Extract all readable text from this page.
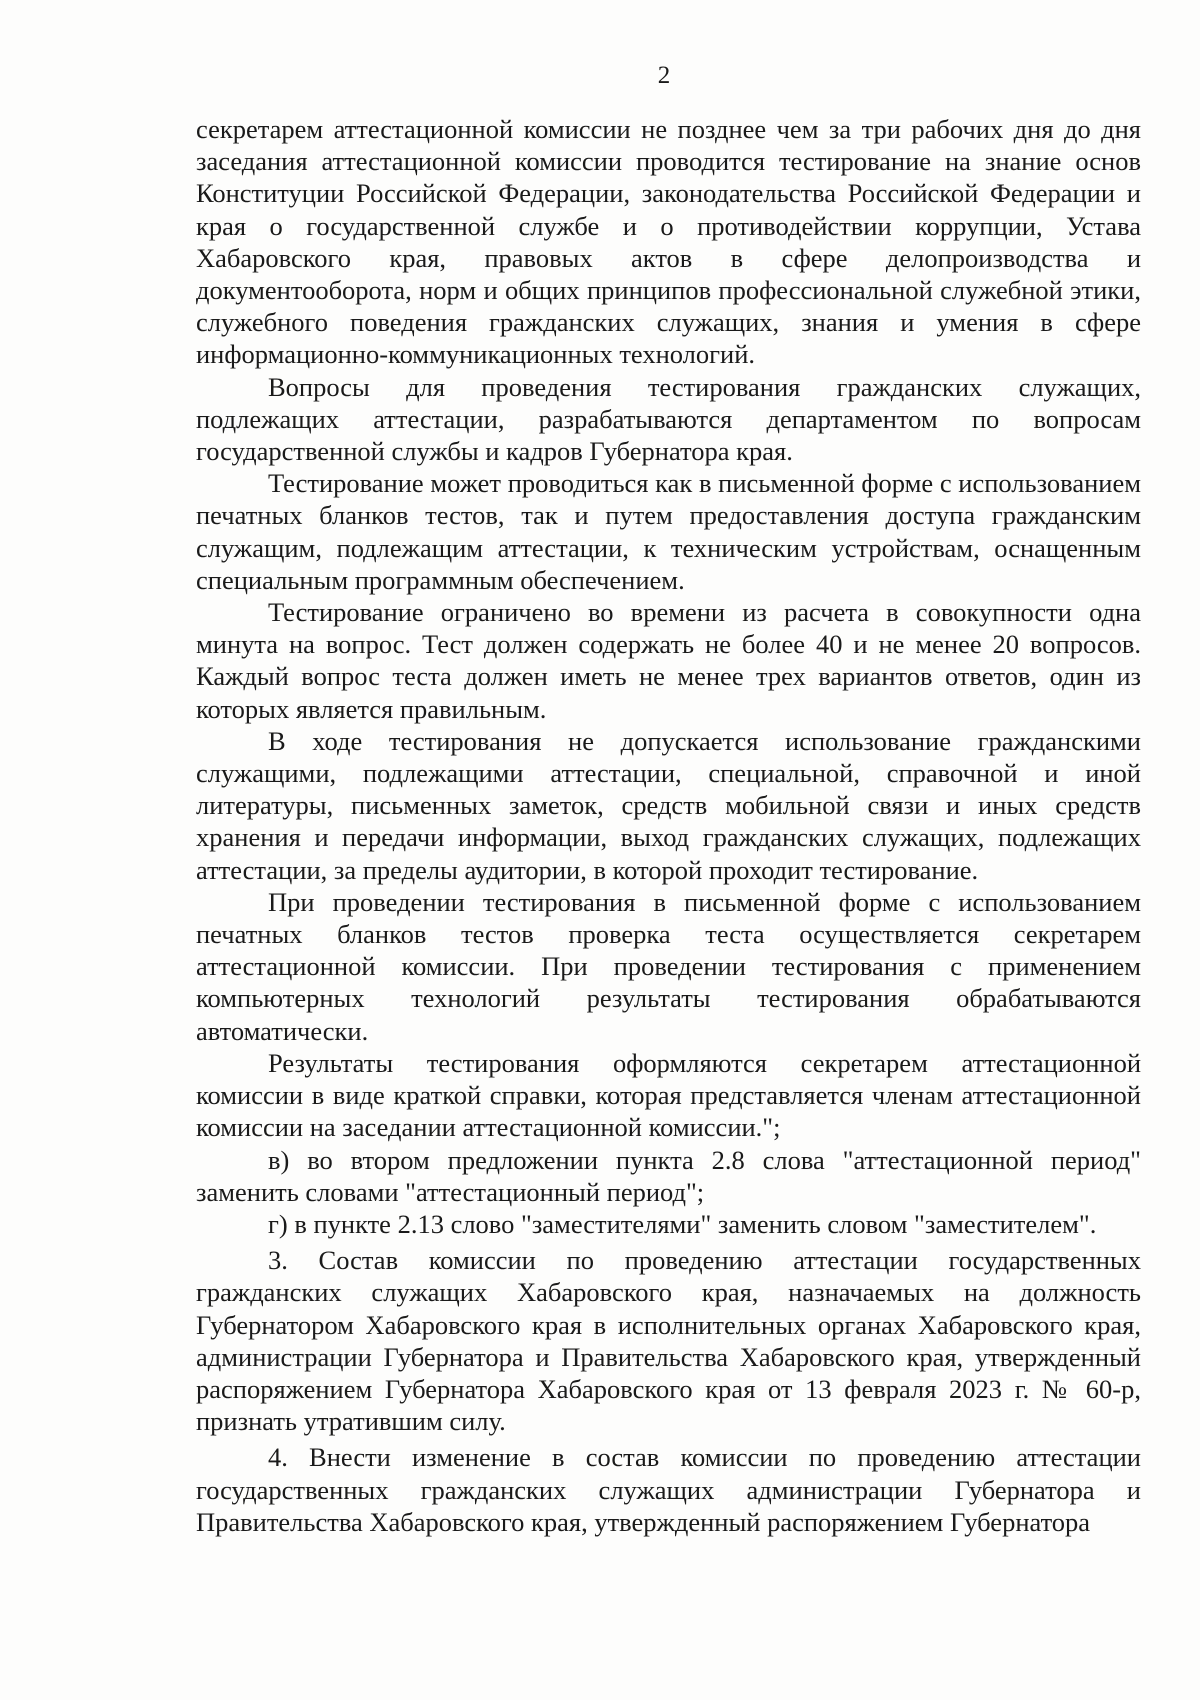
2

секретарем аттестационной комиссии не позднее чем за три рабочих дня до дня заседания аттестационной комиссии проводится тестирование на знание основ Конституции Российской Федерации, законодательства Российской Федерации и края о государственной службе и о противодействии коррупции, Устава Хабаровского края, правовых актов в сфере делопроизводства и документооборота, норм и общих принципов профессиональной служебной этики, служебного поведения гражданских служащих, знания и умения в сфере информационно-коммуникационных технологий.

Вопросы для проведения тестирования гражданских служащих, подлежащих аттестации, разрабатываются департаментом по вопросам государственной службы и кадров Губернатора края.

Тестирование может проводиться как в письменной форме с использованием печатных бланков тестов, так и путем предоставления доступа гражданским служащим, подлежащим аттестации, к техническим устройствам, оснащенным специальным программным обеспечением.

Тестирование ограничено во времени из расчета в совокупности одна минута на вопрос. Тест должен содержать не более 40 и не менее 20 вопросов. Каждый вопрос теста должен иметь не менее трех вариантов ответов, один из которых является правильным.

В ходе тестирования не допускается использование гражданскими служащими, подлежащими аттестации, специальной, справочной и иной литературы, письменных заметок, средств мобильной связи и иных средств хранения и передачи информации, выход гражданских служащих, подлежащих аттестации, за пределы аудитории, в которой проходит тестирование.

При проведении тестирования в письменной форме с использованием печатных бланков тестов проверка теста осуществляется секретарем аттестационной комиссии. При проведении тестирования с применением компьютерных технологий результаты тестирования обрабатываются автоматически.

Результаты тестирования оформляются секретарем аттестационной комиссии в виде краткой справки, которая представляется членам аттестационной комиссии на заседании аттестационной комиссии.";

в) во втором предложении пункта 2.8 слова "аттестационной период" заменить словами "аттестационный период";

г) в пункте 2.13 слово "заместителями" заменить словом "заместителем".

3. Состав комиссии по проведению аттестации государственных гражданских служащих Хабаровского края, назначаемых на должность Губернатором Хабаровского края в исполнительных органах Хабаровского края, администрации Губернатора и Правительства Хабаровского края, утвержденный распоряжением Губернатора Хабаровского края от 13 февраля 2023 г. № 60-р, признать утратившим силу.

4. Внести изменение в состав комиссии по проведению аттестации государственных гражданских служащих администрации Губернатора и Правительства Хабаровского края, утвержденный распоряжением Губернатора
